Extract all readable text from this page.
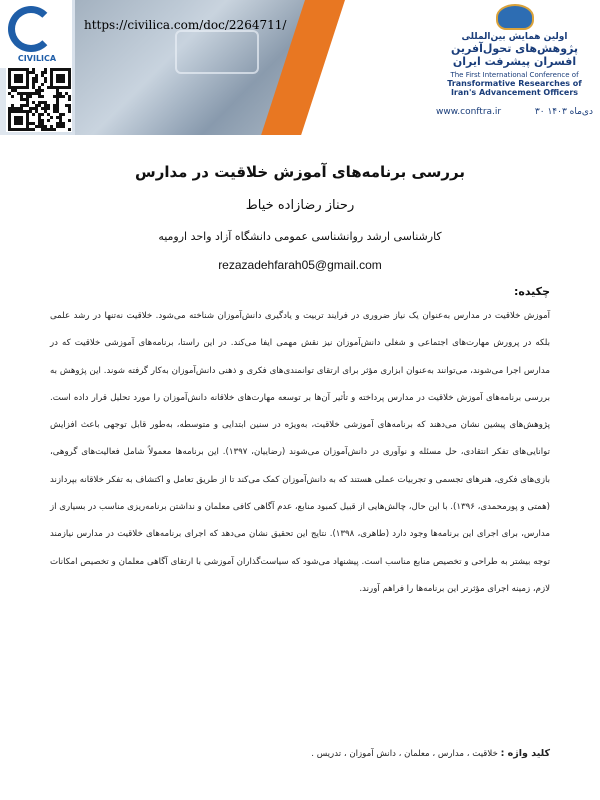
CIVILICA
https://civilica.com/doc/2264711/
اولین همایش بین‌المللی
پژوهش‌های تحول‌آفرین
افسران پیشرفت ایران
The First International Conference of
Transformative Researches of
Iran's Advancement Officers
www.conftra.ir	۳۰ دی‌ماه ۱۴۰۳
بررسی برنامه‌های آموزش خلاقیت در مدارس
رحناز رضازاده خیاط
کارشناسی ارشد روانشناسی عمومی دانشگاه آزاد واحد ارومیه
rezazadehfarah05@gmail.com
چکیده:
آموزش خلاقیت در مدارس به‌عنوان یک نیاز ضروری در فرایند تربیت و یادگیری دانش‌آموزان شناخته می‌شود. خلاقیت نه‌تنها در رشد علمی بلکه در پرورش مهارت‌های اجتماعی و شغلی دانش‌آموزان نیز نقش مهمی ایفا می‌کند. در این راستا، برنامه‌های آموزشی خلاقیت که در مدارس اجرا می‌شوند، می‌توانند به‌عنوان ابزاری مؤثر برای ارتقای توانمندی‌های فکری و ذهنی دانش‌آموزان به‌کار گرفته شوند. این پژوهش به بررسی برنامه‌های آموزش خلاقیت در مدارس پرداخته و تأثیر آن‌ها بر توسعه مهارت‌های خلاقانه دانش‌آموزان را مورد تحلیل قرار داده است. پژوهش‌های پیشین نشان می‌دهند که برنامه‌های آموزشی خلاقیت، به‌ویژه در سنین ابتدایی و متوسطه، به‌طور قابل توجهی باعث افزایش توانایی‌های تفکر انتقادی، حل مسئله و نوآوری در دانش‌آموزان می‌شوند (رضاییان، ۱۳۹۷). این برنامه‌ها معمولاً شامل فعالیت‌های گروهی، بازی‌های فکری، هنرهای تجسمی و تجربیات عملی هستند که به دانش‌آموزان کمک می‌کند تا از طریق تعامل و اکتشاف به تفکر خلاقانه بپردازند (همتی و پورمحمدی، ۱۳۹۶). با این حال، چالش‌هایی از قبیل کمبود منابع، عدم آگاهی کافی معلمان و نداشتن برنامه‌ریزی مناسب در بسیاری از مدارس، برای اجرای این برنامه‌ها وجود دارد (طاهری، ۱۳۹۸). نتایج این تحقیق نشان می‌دهد که اجرای برنامه‌های خلاقیت در مدارس نیازمند توجه بیشتر به طراحی و تخصیص منابع مناسب است. پیشنهاد می‌شود که سیاست‌گذاران آموزشی با ارتقای آگاهی معلمان و تخصیص امکانات لازم، زمینه اجرای مؤثرتر این برنامه‌ها را فراهم آورند.
کلید واژه : خلاقیت ، مدارس ، معلمان ، دانش آموزان ، تدریس .
